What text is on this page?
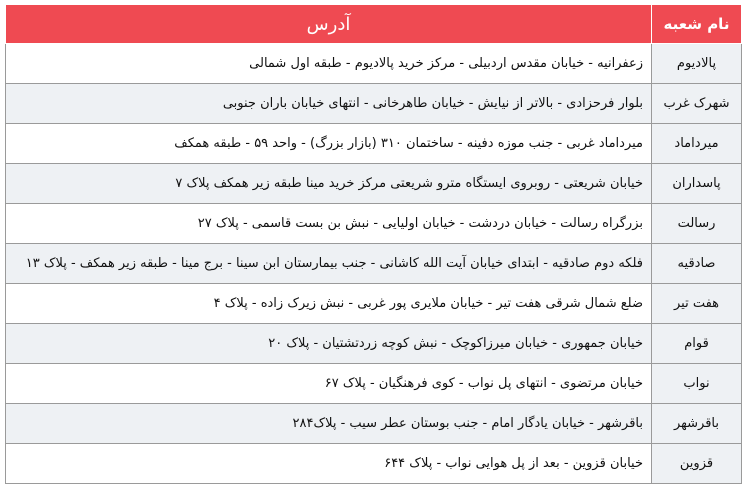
نام شعبه	آدرس
پالادیوم	زعفرانیه - خیابان مقدس اردبیلی - مرکز خرید پالادیوم - طبقه اول شمالی
شهرک غرب	بلوار فرحزادی - بالاتر از نیایش - خیابان طاهرخانی - انتهای خیابان باران جنوبی
میرداماد	میرداماد غربی - جنب موزه دفینه - ساختمان ۳۱۰ (بازار بزرگ) - واحد ۵۹ - طبقه همکف
پاسداران	خیابان شریعتی - روبروی ایستگاه مترو شریعتی مرکز خرید مینا طبقه زیر همکف پلاک ۷
رسالت	بزرگراه رسالت - خیابان دردشت - خیابان اولیایی - نبش بن بست قاسمی - پلاک ۲۷
صادقیه	فلکه دوم صادقیه - ابتدای خیابان آیت الله کاشانی - جنب بیمارستان ابن سینا - برج مینا - طبقه زیر همکف - پلاک ۱۳
هفت تیر	ضلع شمال شرقی هفت تیر - خیابان ملایری پور غربی - نبش زیرک زاده - پلاک ۴
قوام	خیابان جمهوری - خیابان میرزاکوچک - نبش کوچه زردتشتیان - پلاک ۲۰
نواب	خیابان مرتضوی - انتهای پل نواب - کوی فرهنگیان - پلاک ۶۷
باقرشهر	باقرشهر - خیابان یادگار امام - جنب بوستان عطر سیب - پلاک۲۸۴
قزوین	خیابان قزوین - بعد از پل هوایی نواب - پلاک ۶۴۴
